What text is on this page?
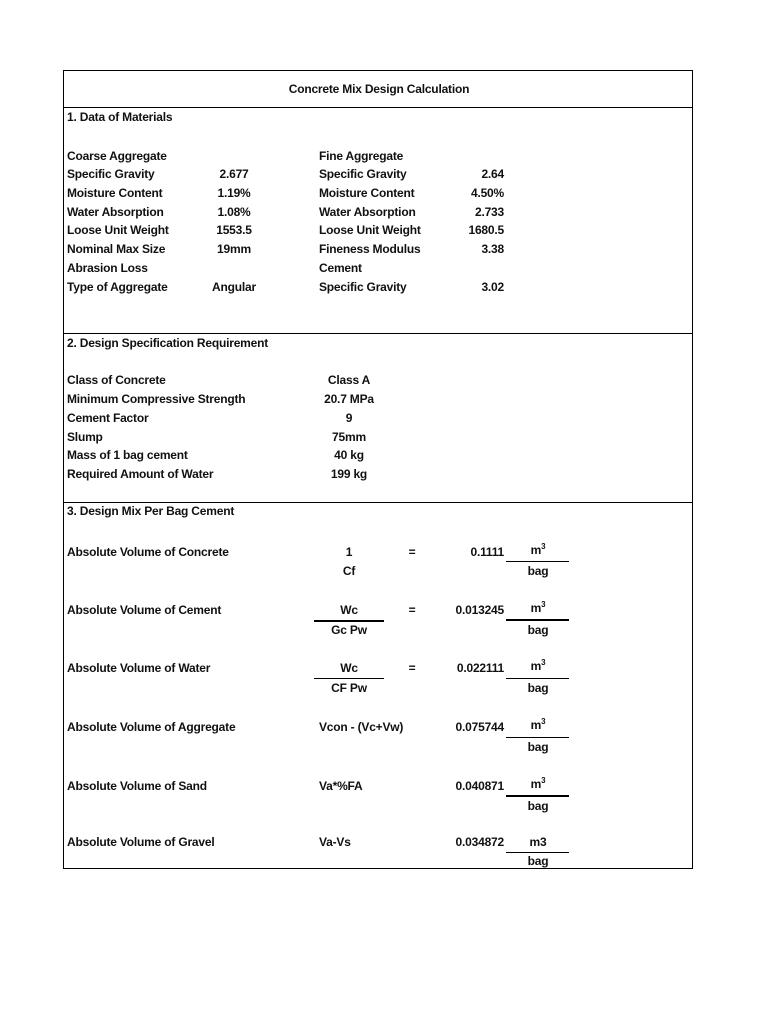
Concrete Mix Design Calculation
1. Data of Materials
Coarse Aggregate
Specific Gravity	2.677
Moisture Content	1.19%
Water Absorption	1.08%
Loose Unit Weight	1553.5
Nominal Max Size	19mm
Abrasion Loss
Type of Aggregate	Angular
Fine Aggregate
Specific Gravity	2.64
Moisture Content	4.50%
Water Absorption	2.733
Loose Unit Weight	1680.5
Fineness Modulus	3.38
Cement
Specific Gravity	3.02
2. Design Specification Requirement
Class of Concrete	Class A
Minimum Compressive Strength	20.7 MPa
Cement Factor	9
Slump	75mm
Mass of 1 bag cement	40 kg
Required Amount of Water	199 kg
3. Design Mix Per Bag Cement
Absolute Volume of Concrete	1
Cf
=	0.1111	$m^3$
bag
Absolute Volume of Cement	Wc
Gc Pw
=	0.013245	$m^3$
bag
Absolute Volume of Water	Wc
CF Pw
=	0.022111	$m^3$
bag
Absolute Volume of Aggregate	Vcon - (Vc+Vw)	0.075744	$m^3$
bag
Absolute Volume of Sand	Va*%FA	0.040871	$m^3$
bag
Absolute Volume of Gravel	Va-Vs	0.034872	m3
bag
